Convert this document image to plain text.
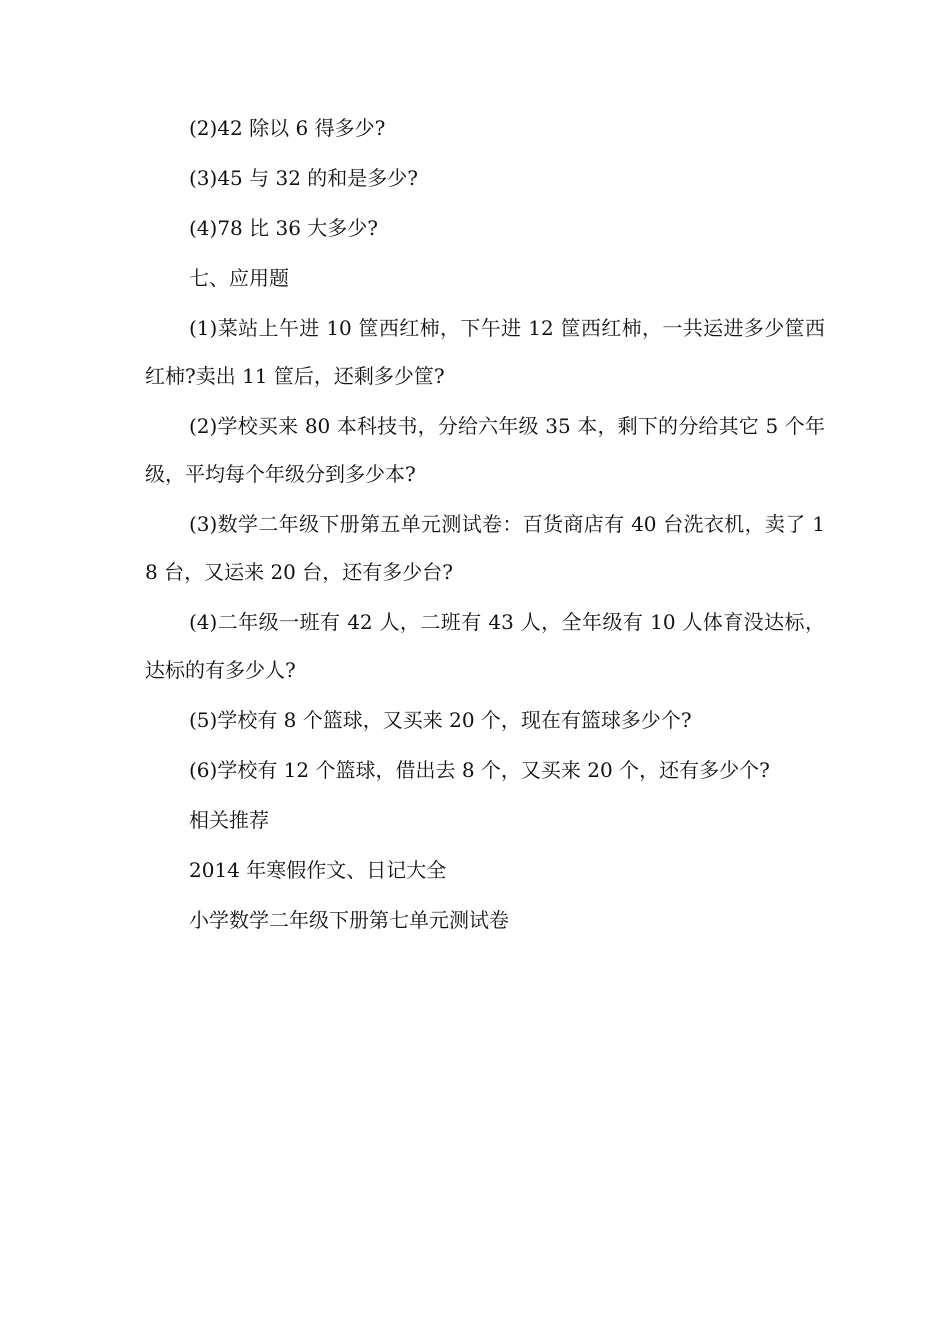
(2)42 除以 6 得多少?

(3)45 与 32 的和是多少?

(4)78 比 36 大多少?

七、应用题

(1)菜站上午进 10 筐西红柿，下午进 12 筐西红柿，一共运进多少筐西红柿?卖出 11 筐后，还剩多少筐?

(2)学校买来 80 本科技书，分给六年级 35 本，剩下的分给其它 5 个年级，平均每个年级分到多少本?

(3)数学二年级下册第五单元测试卷：百货商店有 40 台洗衣机，卖了 18 台，又运来 20 台，还有多少台?

(4)二年级一班有 42 人，二班有 43 人，全年级有 10 人体育没达标，达标的有多少人?

(5)学校有 8 个篮球，又买来 20 个，现在有篮球多少个?

(6)学校有 12 个篮球，借出去 8 个，又买来 20 个，还有多少个?

相关推荐

2014 年寒假作文、日记大全

小学数学二年级下册第七单元测试卷
